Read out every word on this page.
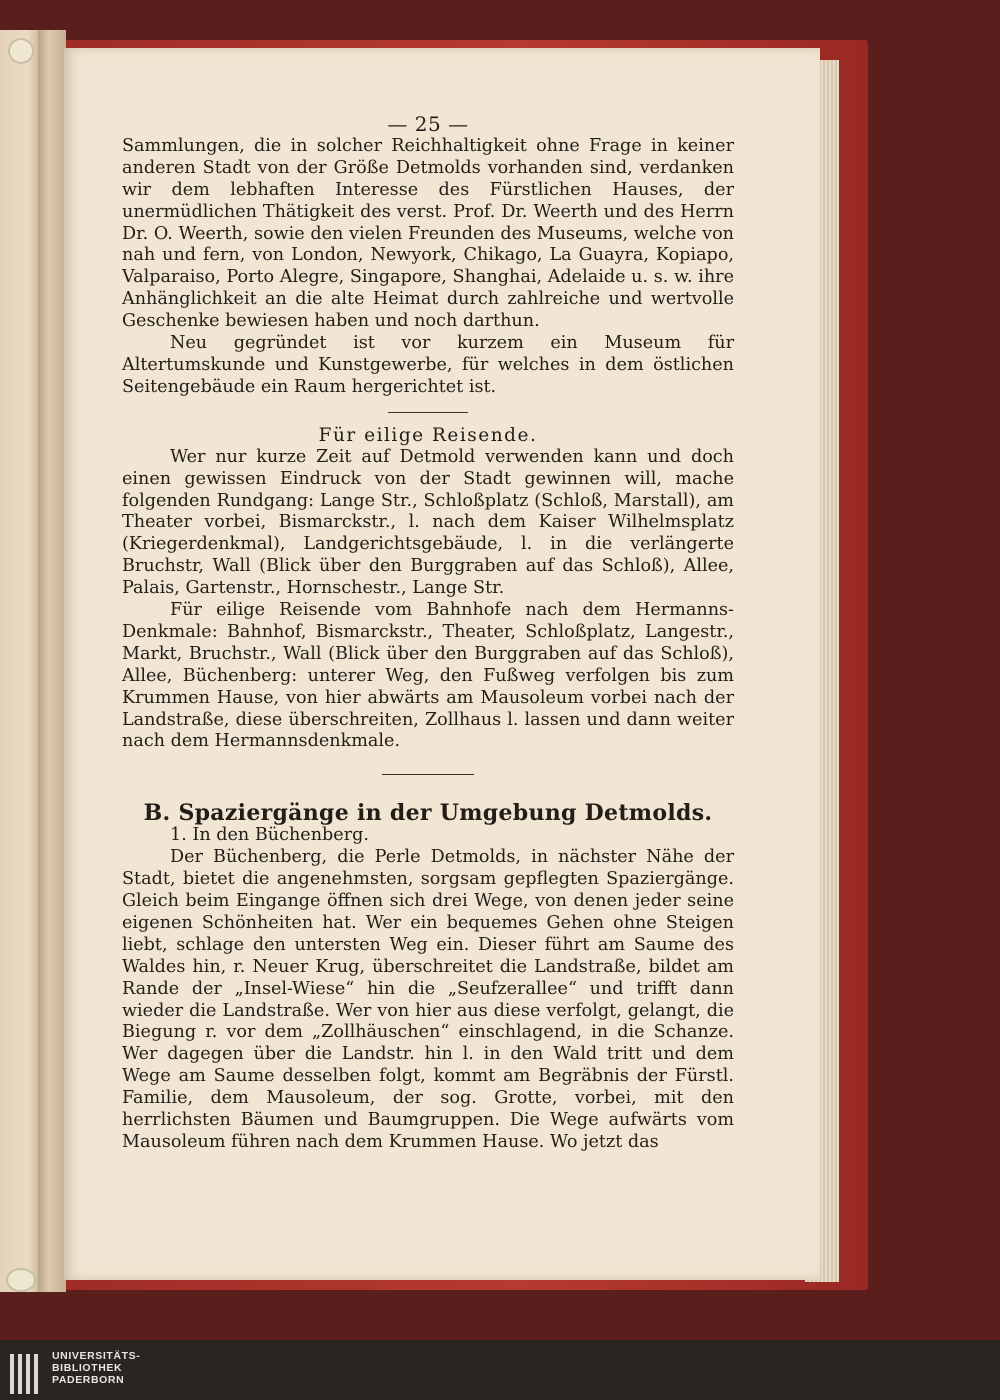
— 25 —

Sammlungen, die in solcher Reichhaltigkeit ohne Frage in keiner anderen Stadt von der Größe Detmolds vorhanden sind, verdanken wir dem lebhaften Interesse des Fürstlichen Hauses, der unermüdlichen Thätigkeit des verst. Prof. Dr. Weerth und des Herrn Dr. O. Weerth, sowie den vielen Freunden des Museums, welche von nah und fern, von London, Newyork, Chikago, La Guayra, Kopiapo, Valparaiso, Porto Alegre, Singapore, Shanghai, Adelaide u. s. w. ihre Anhänglichkeit an die alte Heimat durch zahlreiche und wertvolle Geschenke bewiesen haben und noch darthun.

Neu gegründet ist vor kurzem ein Museum für Altertumskunde und Kunstgewerbe, für welches in dem östlichen Seitengebäude ein Raum hergerichtet ist.

Für eilige Reisende.

Wer nur kurze Zeit auf Detmold verwenden kann und doch einen gewissen Eindruck von der Stadt gewinnen will, mache folgenden Rundgang: Lange Str., Schloßplatz (Schloß, Marstall), am Theater vorbei, Bismarckstr., l. nach dem Kaiser Wilhelmsplatz (Kriegerdenkmal), Landgerichtsgebäude, l. in die verlängerte Bruchstr, Wall (Blick über den Burggraben auf das Schloß), Allee, Palais, Gartenstr., Hornschestr., Lange Str.

Für eilige Reisende vom Bahnhofe nach dem Hermanns-Denkmale: Bahnhof, Bismarckstr., Theater, Schloßplatz, Langestr., Markt, Bruchstr., Wall (Blick über den Burggraben auf das Schloß), Allee, Büchenberg: unterer Weg, den Fußweg verfolgen bis zum Krummen Hause, von hier abwärts am Mausoleum vorbei nach der Landstraße, diese überschreiten, Zollhaus l. lassen und dann weiter nach dem Hermannsdenkmale.

B. Spaziergänge in der Umgebung Detmolds.

1. In den Büchenberg.

Der Büchenberg, die Perle Detmolds, in nächster Nähe der Stadt, bietet die angenehmsten, sorgsam gepflegten Spaziergänge. Gleich beim Eingange öffnen sich drei Wege, von denen jeder seine eigenen Schönheiten hat. Wer ein bequemes Gehen ohne Steigen liebt, schlage den untersten Weg ein. Dieser führt am Saume des Waldes hin, r. Neuer Krug, überschreitet die Landstraße, bildet am Rande der „Insel-Wiese“ hin die „Seufzerallee“ und trifft dann wieder die Landstraße. Wer von hier aus diese verfolgt, gelangt, die Biegung r. vor dem „Zollhäuschen“ einschlagend, in die Schanze. Wer dagegen über die Landstr. hin l. in den Wald tritt und dem Wege am Saume desselben folgt, kommt am Begräbnis der Fürstl. Familie, dem Mausoleum, der sog. Grotte, vorbei, mit den herrlichsten Bäumen und Baumgruppen. Die Wege aufwärts vom Mausoleum führen nach dem Krummen Hause. Wo jetzt das

UNIVERSITÄTS-
BIBLIOTHEK
PADERBORN
